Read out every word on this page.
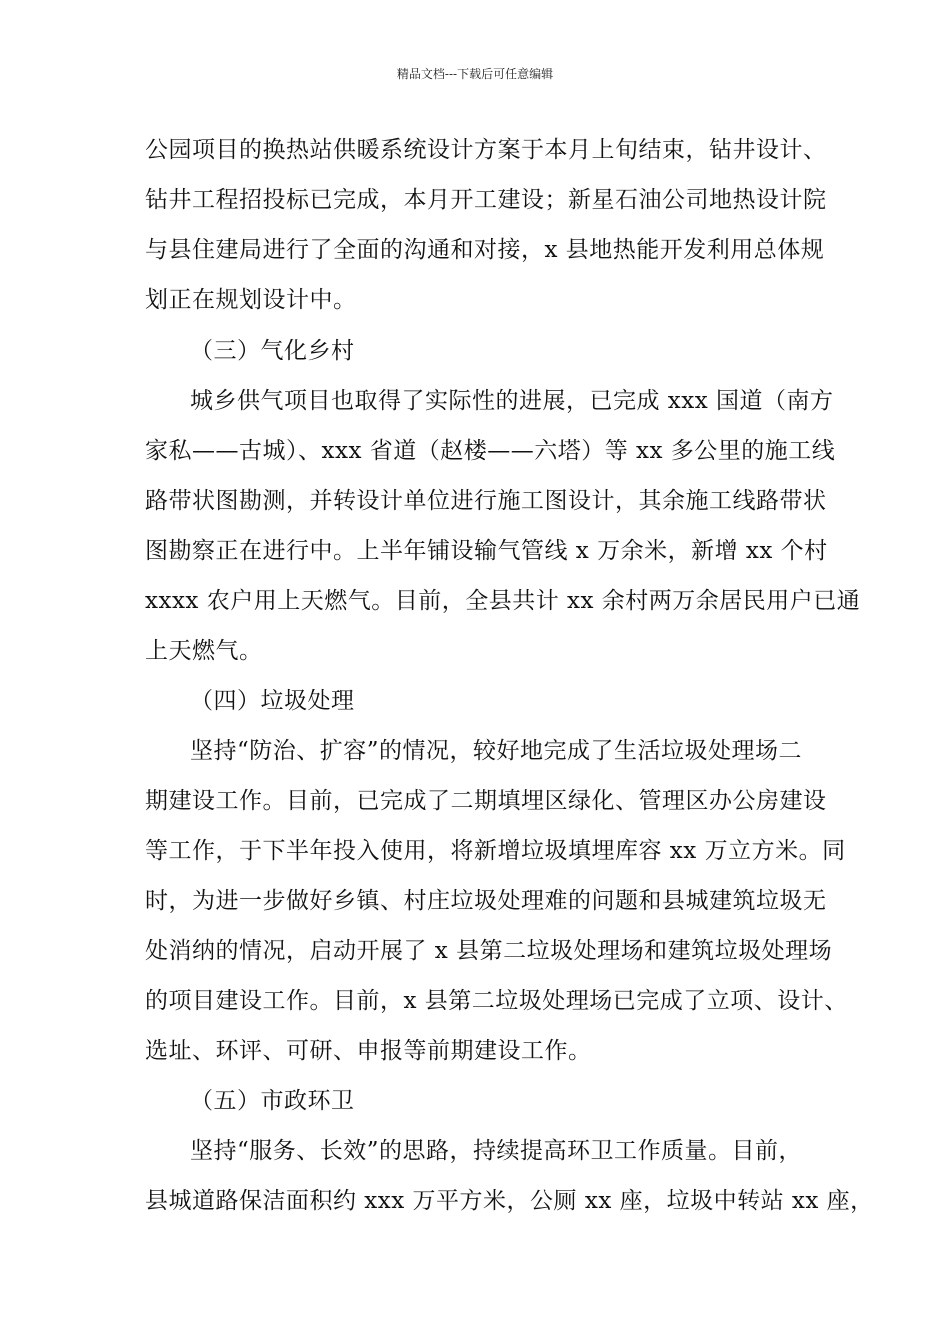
精品文档---下载后可任意编辑
公园项目的换热站供暖系统设计方案于本月上旬结束，钻井设计、
钻井工程招投标已完成，本月开工建设；新星石油公司地热设计院
与县住建局进行了全面的沟通和对接，x 县地热能开发利用总体规
划正在规划设计中。
（三）气化乡村
城乡供气项目也取得了实际性的进展，已完成 xxx 国道（南方
家私——古城）、xxx 省道（赵楼——六塔）等 xx 多公里的施工线
路带状图勘测，并转设计单位进行施工图设计，其余施工线路带状
图勘察正在进行中。上半年铺设输气管线 x 万余米，新增 xx 个村
xxxx 农户用上天燃气。目前，全县共计 xx 余村两万余居民用户已通
上天燃气。
（四）垃圾处理
坚持“防治、扩容”的情况，较好地完成了生活垃圾处理场二
期建设工作。目前，已完成了二期填埋区绿化、管理区办公房建设
等工作，于下半年投入使用，将新增垃圾填埋库容 xx 万立方米。同
时，为进一步做好乡镇、村庄垃圾处理难的问题和县城建筑垃圾无
处消纳的情况，启动开展了 x 县第二垃圾处理场和建筑垃圾处理场
的项目建设工作。目前，x 县第二垃圾处理场已完成了立项、设计、
选址、环评、可研、申报等前期建设工作。
（五）市政环卫
坚持“服务、长效”的思路，持续提高环卫工作质量。目前，
县城道路保洁面积约 xxx 万平方米，公厕 xx 座，垃圾中转站 xx 座，
